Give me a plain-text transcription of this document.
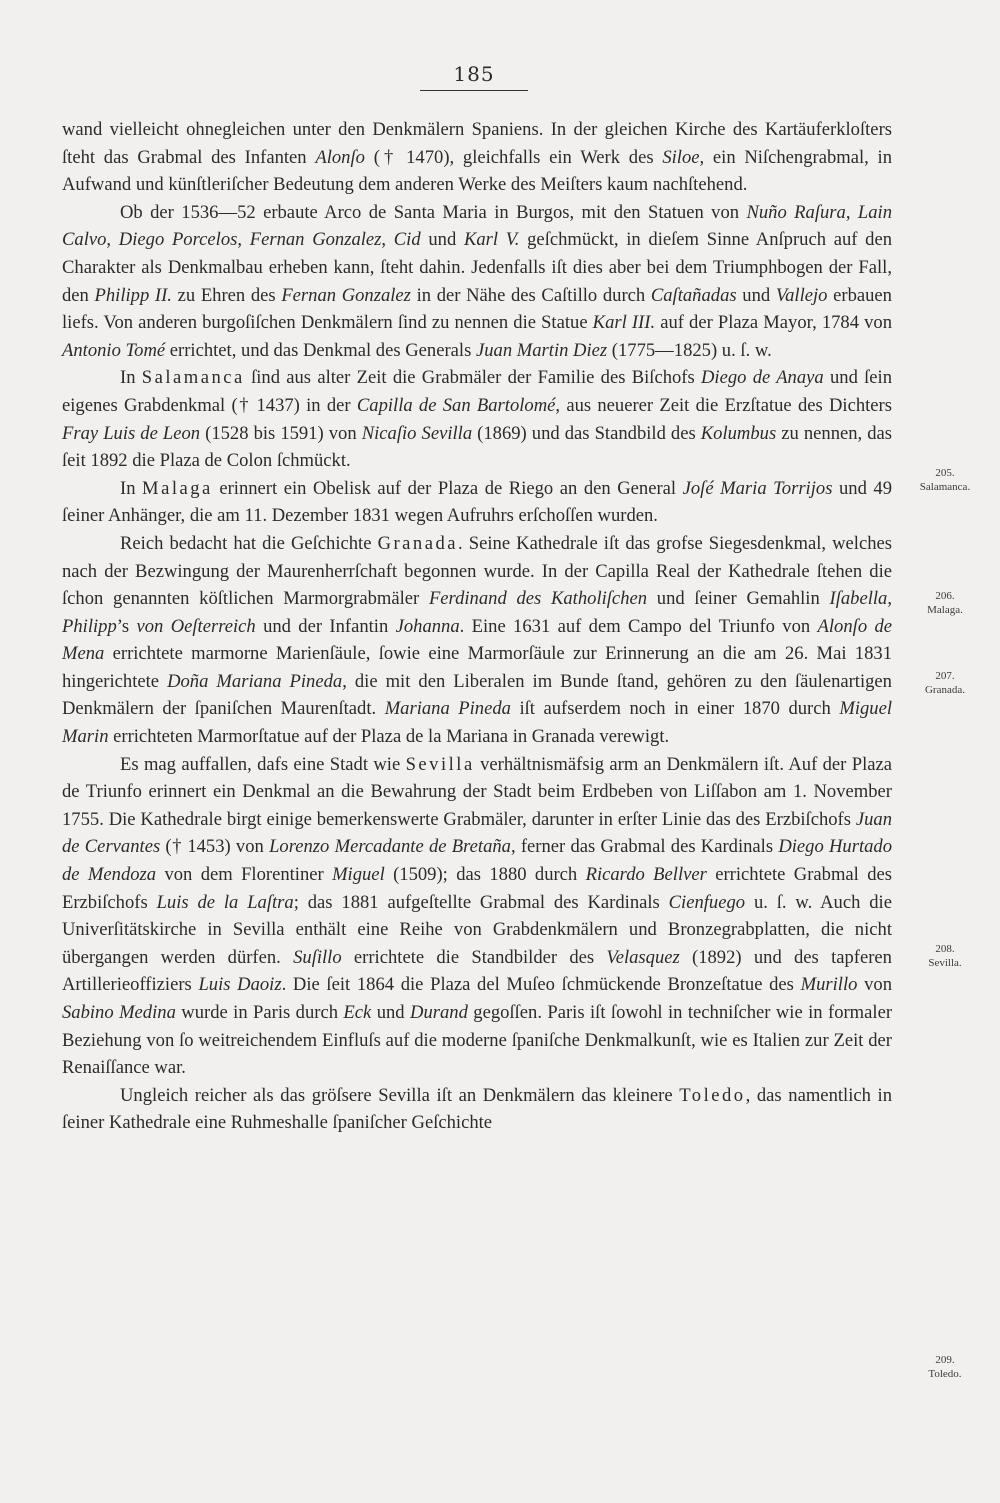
185

wand vielleicht ohnegleichen unter den Denkmälern Spaniens. In der gleichen Kirche des Kartäuferkloſters ſteht das Grabmal des Infanten Alonſo († 1470), gleichfalls ein Werk des Siloe, ein Niſchengrabmal, in Aufwand und künſtleriſcher Bedeutung dem anderen Werke des Meiſters kaum nachſtehend.

Ob der 1536—52 erbaute Arco de Santa Maria in Burgos, mit den Statuen von Nuño Raſura, Lain Calvo, Diego Porcelos, Fernan Gonzalez, Cid und Karl V. geſchmückt, in dieſem Sinne Anſpruch auf den Charakter als Denkmalbau erheben kann, ſteht dahin. Jedenfalls iſt dies aber bei dem Triumphbogen der Fall, den Philipp II. zu Ehren des Fernan Gonzalez in der Nähe des Caſtillo durch Caſtañadas und Vallejo erbauen liefs. Von anderen burgoſiſchen Denkmälern ſind zu nennen die Statue Karl III. auf der Plaza Mayor, 1784 von Antonio Tomé errichtet, und das Denkmal des Generals Juan Martin Diez (1775—1825) u. ſ. w.

In Salamanca ſind aus alter Zeit die Grabmäler der Familie des Biſchofs Diego de Anaya und ſein eigenes Grabdenkmal († 1437) in der Capilla de San Bartolomé, aus neuerer Zeit die Erzſtatue des Dichters Fray Luis de Leon (1528 bis 1591) von Nicaſio Sevilla (1869) und das Standbild des Kolumbus zu nennen, das ſeit 1892 die Plaza de Colon ſchmückt.

In Malaga erinnert ein Obelisk auf der Plaza de Riego an den General Joſé Maria Torrijos und 49 ſeiner Anhänger, die am 11. Dezember 1831 wegen Aufruhrs erſchoſſen wurden.

Reich bedacht hat die Geſchichte Granada. Seine Kathedrale iſt das grofse Siegesdenkmal, welches nach der Bezwingung der Maurenherrſchaft begonnen wurde. In der Capilla Real der Kathedrale ſtehen die ſchon genannten köſtlichen Marmorgrabmäler Ferdinand des Katholiſchen und ſeiner Gemahlin Iſabella, Philipp’s von Oeſterreich und der Infantin Johanna. Eine 1631 auf dem Campo del Triunfo von Alonſo de Mena errichtete marmorne Marienſäule, ſowie eine Marmorſäule zur Erinnerung an die am 26. Mai 1831 hingerichtete Doña Mariana Pineda, die mit den Liberalen im Bunde ſtand, gehören zu den ſäulenartigen Denkmälern der ſpaniſchen Maurenſtadt. Mariana Pineda iſt aufserdem noch in einer 1870 durch Miguel Marin errichteten Marmorſtatue auf der Plaza de la Mariana in Granada verewigt.

Es mag auffallen, dafs eine Stadt wie Sevilla verhältnismäfsig arm an Denkmälern iſt. Auf der Plaza de Triunfo erinnert ein Denkmal an die Bewahrung der Stadt beim Erdbeben von Liſſabon am 1. November 1755. Die Kathedrale birgt einige bemerkenswerte Grabmäler, darunter in erſter Linie das des Erzbiſchofs Juan de Cervantes († 1453) von Lorenzo Mercadante de Bretaña, ferner das Grabmal des Kardinals Diego Hurtado de Mendoza von dem Florentiner Miguel (1509); das 1880 durch Ricardo Bellver errichtete Grabmal des Erzbiſchofs Luis de la Laſtra; das 1881 aufgeſtellte Grabmal des Kardinals Cienfuego u. ſ. w. Auch die Univerſitätskirche in Sevilla enthält eine Reihe von Grabdenkmälern und Bronzegrabplatten, die nicht übergangen werden dürfen. Suſillo errichtete die Standbilder des Velasquez (1892) und des tapferen Artillerieoffiziers Luis Daoiz. Die ſeit 1864 die Plaza del Muſeo ſchmückende Bronzeſtatue des Murillo von Sabino Medina wurde in Paris durch Eck und Durand gegoſſen. Paris iſt ſowohl in techniſcher wie in formaler Beziehung von ſo weitreichendem Einfluſs auf die moderne ſpaniſche Denkmalkunſt, wie es Italien zur Zeit der Renaiſſance war.

Ungleich reicher als das gröſsere Sevilla iſt an Denkmälern das kleinere Toledo, das namentlich in ſeiner Kathedrale eine Ruhmeshalle ſpaniſcher Geſchichte

205.
Salamanca.
206.
Malaga.
207.
Granada.
208.
Sevilla.
209.
Toledo.
